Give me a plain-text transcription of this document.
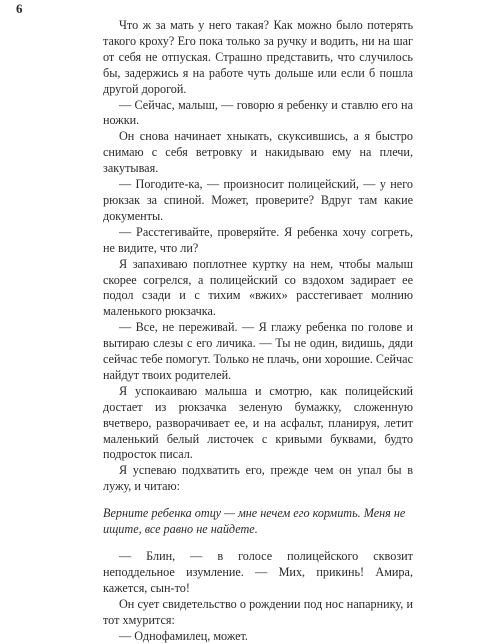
6

Что ж за мать у него такая? Как можно было потерять такого кроху? Его пока только за ручку и водить, ни на шаг от себя не отпуская. Страшно представить, что случилось бы, задержись я на работе чуть дольше или если б пошла другой дорогой.

— Сейчас, малыш, — говорю я ребенку и ставлю его на ножки.

Он снова начинает хныкать, скуксившись, а я быстро снимаю с себя ветровку и накидываю ему на плечи, закутывая.

— Погодите-ка, — произносит полицейский, — у него рюкзак за спиной. Может, проверите? Вдруг там какие документы.

— Расстегивайте, проверяйте. Я ребенка хочу согреть, не видите, что ли?

Я запахиваю поплотнее куртку на нем, чтобы малыш скорее согрелся, а полицейский со вздохом задирает ее подол сзади и с тихим «вжих» расстегивает молнию маленького рюкзачка.

— Все, не переживай. — Я глажу ребенка по голове и вытираю слезы с его личика. — Ты не один, видишь, дяди сейчас тебе помогут. Только не плачь, они хорошие. Сейчас найдут твоих родителей.

Я успокаиваю малыша и смотрю, как полицейский достает из рюкзачка зеленую бумажку, сложенную вчетверо, разворачивает ее, и на асфальт, планируя, летит маленький белый листочек с кривыми буквами, будто подросток писал.

Я успеваю подхватить его, прежде чем он упал бы в лужу, и читаю:

Верните ребенка отцу — мне нечем его кормить. Меня не ищите, все равно не найдете.

— Блин, — в голосе полицейского сквозит неподдельное изумление. — Мих, прикинь! Амира, кажется, сын-то!

Он сует свидетельство о рождении под нос напарнику, и тот хмурится:

— Однофамилец, может.
